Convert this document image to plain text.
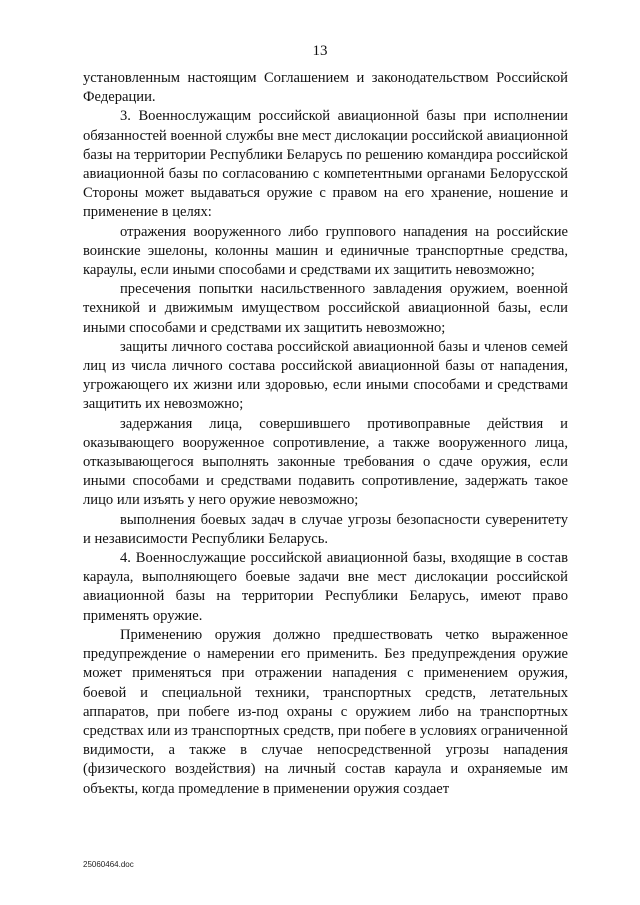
13

установленным настоящим Соглашением и законодательством Российской Федерации.

3. Военнослужащим российской авиационной базы при исполнении обязанностей военной службы вне мест дислокации российской авиационной базы на территории Республики Беларусь по решению командира российской авиационной базы по согласованию с компетентными органами Белорусской Стороны может выдаваться оружие с правом на его хранение, ношение и применение в целях:

отражения вооруженного либо группового нападения на российские воинские эшелоны, колонны машин и единичные транспортные средства, караулы, если иными способами и средствами их защитить невозможно;

пресечения попытки насильственного завладения оружием, военной техникой и движимым имуществом российской авиационной базы, если иными способами и средствами их защитить невозможно;

защиты личного состава российской авиационной базы и членов семей лиц из числа личного состава российской авиационной базы от нападения, угрожающего их жизни или здоровью, если иными способами и средствами защитить их невозможно;

задержания лица, совершившего противоправные действия и оказывающего вооруженное сопротивление, а также вооруженного лица, отказывающегося выполнять законные требования о сдаче оружия, если иными способами и средствами подавить сопротивление, задержать такое лицо или изъять у него оружие невозможно;

выполнения боевых задач в случае угрозы безопасности суверенитету и независимости Республики Беларусь.

4. Военнослужащие российской авиационной базы, входящие в состав караула, выполняющего боевые задачи вне мест дислокации российской авиационной базы на территории Республики Беларусь, имеют право применять оружие.

Применению оружия должно предшествовать четко выраженное предупреждение о намерении его применить. Без предупреждения оружие может применяться при отражении нападения с применением оружия, боевой и специальной техники, транспортных средств, летательных аппаратов, при побеге из-под охраны с оружием либо на транспортных средствах или из транспортных средств, при побеге в условиях ограниченной видимости, а также в случае непосредственной угрозы нападения (физического воздействия) на личный состав караула и охраняемые им объекты, когда промедление в применении оружия создает

25060464.doc
